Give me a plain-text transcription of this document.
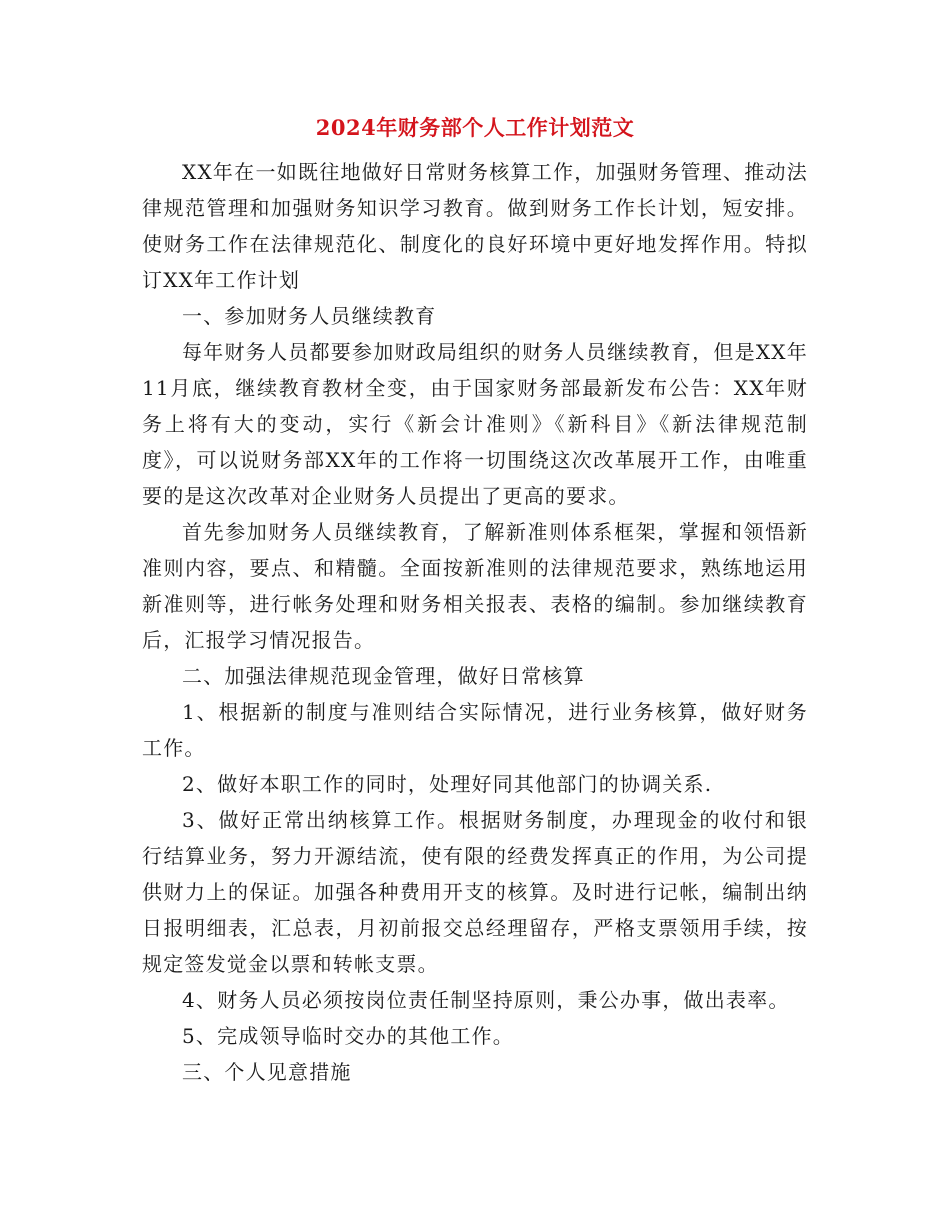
2024年财务部个人工作计划范文

XX年在一如既往地做好日常财务核算工作，加强财务管理、推动法律规范管理和加强财务知识学习教育。做到财务工作长计划，短安排。使财务工作在法律规范化、制度化的良好环境中更好地发挥作用。特拟订XX年工作计划

一、参加财务人员继续教育

每年财务人员都要参加财政局组织的财务人员继续教育，但是XX年11月底，继续教育教材全变，由于国家财务部最新发布公告：XX年财务上将有大的变动，实行《新会计准则》《新科目》《新法律规范制度》，可以说财务部XX年的工作将一切围绕这次改革展开工作，由唯重要的是这次改革对企业财务人员提出了更高的要求。

首先参加财务人员继续教育，了解新准则体系框架，掌握和领悟新准则内容，要点、和精髓。全面按新准则的法律规范要求，熟练地运用新准则等，进行帐务处理和财务相关报表、表格的编制。参加继续教育后，汇报学习情况报告。

二、加强法律规范现金管理，做好日常核算

1、根据新的制度与准则结合实际情况，进行业务核算，做好财务工作。

2、做好本职工作的同时，处理好同其他部门的协调关系.

3、做好正常出纳核算工作。根据财务制度，办理现金的收付和银行结算业务，努力开源结流，使有限的经费发挥真正的作用，为公司提供财力上的保证。加强各种费用开支的核算。及时进行记帐，编制出纳日报明细表，汇总表，月初前报交总经理留存，严格支票领用手续，按规定签发觉金以票和转帐支票。

4、财务人员必须按岗位责任制坚持原则，秉公办事，做出表率。

5、完成领导临时交办的其他工作。

三、个人见意措施
